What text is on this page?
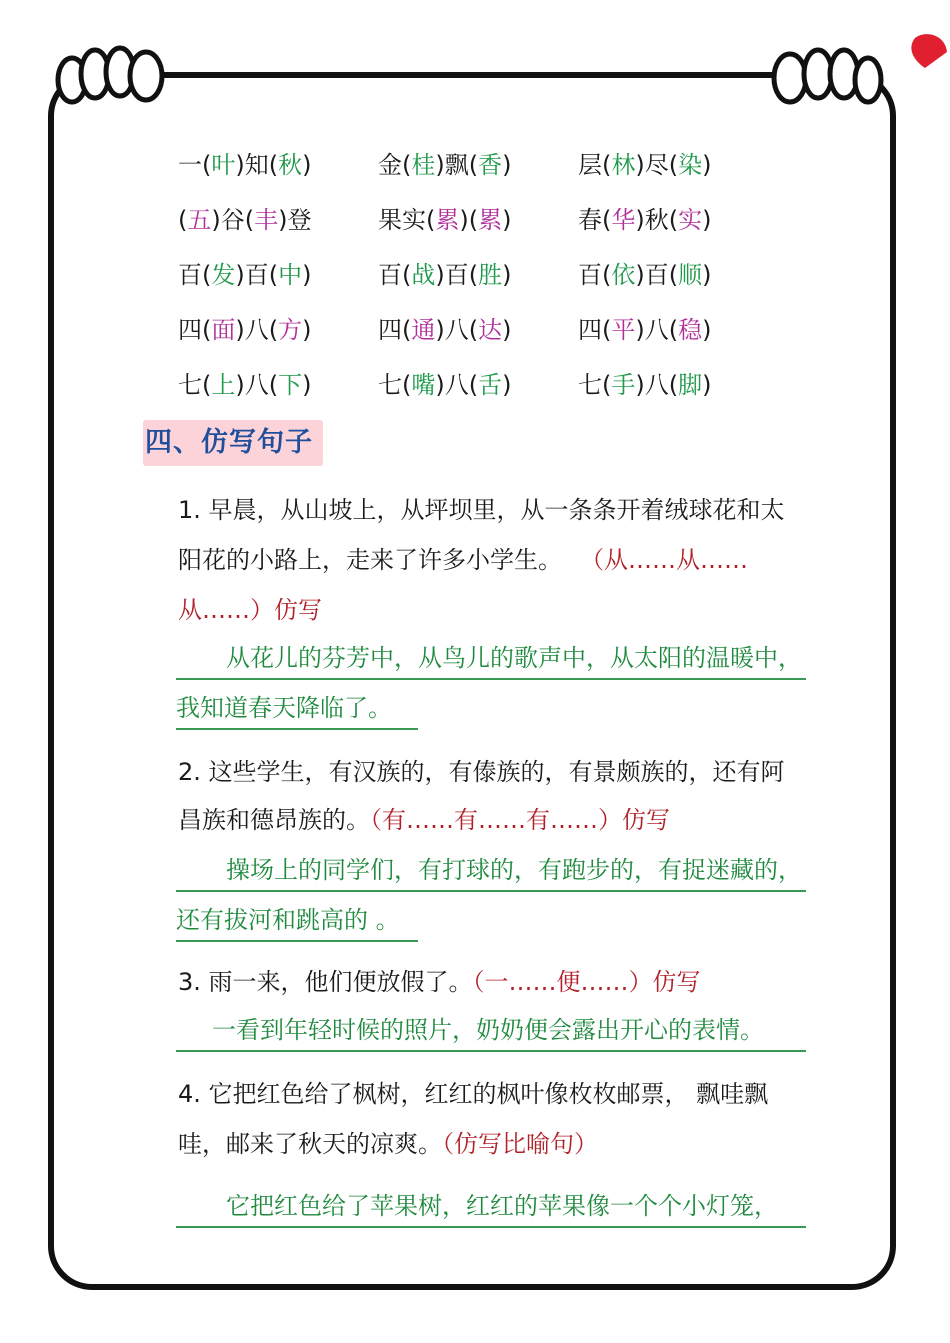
一(叶)知(秋)	金(桂)飘(香)	层(林)尽(染)
(五)谷(丰)登	果实(累)(累)	春(华)秋(实)
百(发)百(中)	百(战)百(胜)	百(依)百(顺)
四(面)八(方)	四(通)八(达)	四(平)八(稳)
七(上)八(下)	七(嘴)八(舌)	七(手)八(脚)
四、仿写句子
1. 早晨，从山坡上，从坪坝里，从一条条开着绒球花和太
阳花的小路上，走来了许多小学生。 （从……从……
从……）仿写
从花儿的芬芳中，从鸟儿的歌声中，从太阳的温暖中，
我知道春天降临了。
2. 这些学生，有汉族的，有傣族的，有景颇族的，还有阿
昌族和德昂族的。（有……有……有……）仿写
操场上的同学们，有打球的，有跑步的，有捉迷藏的，
还有拔河和跳高的 。
3. 雨一来，他们便放假了。（一……便……）仿写
一看到年轻时候的照片，奶奶便会露出开心的表情。
4. 它把红色给了枫树，红红的枫叶像枚枚邮票， 飘哇飘
哇，邮来了秋天的凉爽。（仿写比喻句）
它把红色给了苹果树，红红的苹果像一个个小灯笼，
